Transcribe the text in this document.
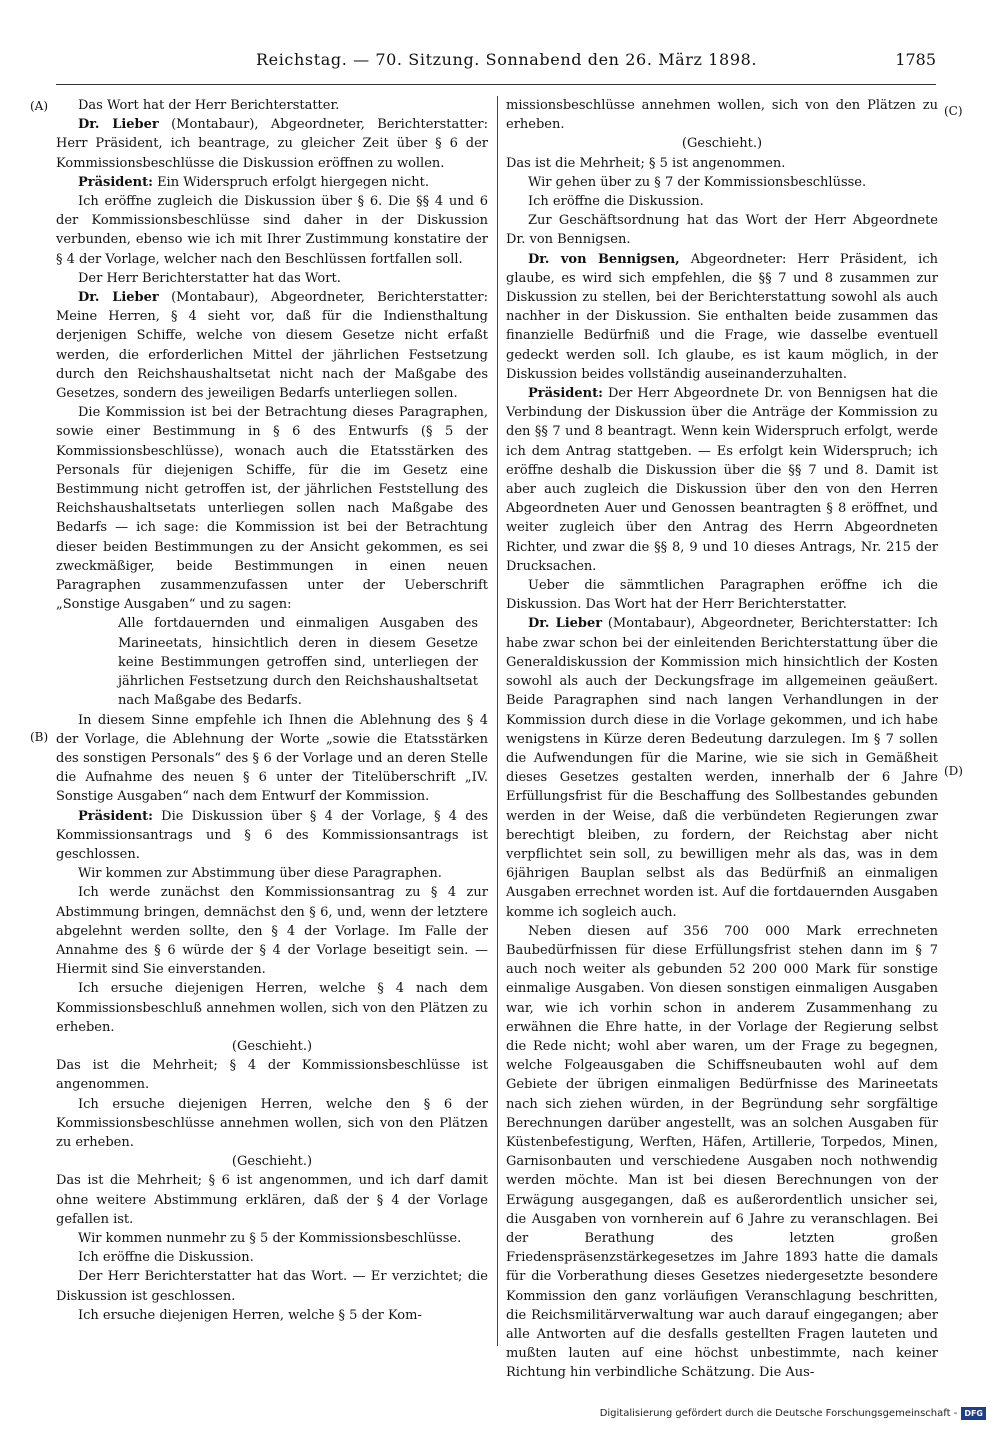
Reichstag. — 70. Sitzung. Sonnabend den 26. März 1898.	1785
(A)
(B)
(C)
(D)

Das Wort hat der Herr Berichterstatter.

Dr. Lieber (Montabaur), Abgeordneter, Berichterstatter: Herr Präsident, ich beantrage, zu gleicher Zeit über § 6 der Kommissionsbeschlüsse die Diskussion eröffnen zu wollen.

Präsident: Ein Widerspruch erfolgt hiergegen nicht.

Ich eröffne zugleich die Diskussion über § 6. Die §§ 4 und 6 der Kommissionsbeschlüsse sind daher in der Diskussion verbunden, ebenso wie ich mit Ihrer Zustimmung konstatire der § 4 der Vorlage, welcher nach den Beschlüssen fortfallen soll.

Der Herr Berichterstatter hat das Wort.

Dr. Lieber (Montabaur), Abgeordneter, Berichterstatter: Meine Herren, § 4 sieht vor, daß für die Indiensthaltung derjenigen Schiffe, welche von diesem Gesetze nicht erfaßt werden, die erforderlichen Mittel der jährlichen Festsetzung durch den Reichshaushaltsetat nicht nach der Maßgabe des Gesetzes, sondern des jeweiligen Bedarfs unterliegen sollen.

Die Kommission ist bei der Betrachtung dieses Paragraphen, sowie einer Bestimmung in § 6 des Entwurfs (§ 5 der Kommissionsbeschlüsse), wonach auch die Etatsstärken des Personals für diejenigen Schiffe, für die im Gesetz eine Bestimmung nicht getroffen ist, der jährlichen Feststellung des Reichshaushaltsetats unterliegen sollen nach Maßgabe des Bedarfs — ich sage: die Kommission ist bei der Betrachtung dieser beiden Bestimmungen zu der Ansicht gekommen, es sei zweckmäßiger, beide Bestimmungen in einen neuen Paragraphen zusammenzufassen unter der Ueberschrift „Sonstige Ausgaben“ und zu sagen:

Alle fortdauernden und einmaligen Ausgaben des Marineetats, hinsichtlich deren in diesem Gesetze keine Bestimmungen getroffen sind, unterliegen der jährlichen Festsetzung durch den Reichshaushaltsetat nach Maßgabe des Bedarfs.

In diesem Sinne empfehle ich Ihnen die Ablehnung des § 4 der Vorlage, die Ablehnung der Worte „sowie die Etatsstärken des sonstigen Personals“ des § 6 der Vorlage und an deren Stelle die Aufnahme des neuen § 6 unter der Titelüberschrift „IV. Sonstige Ausgaben“ nach dem Entwurf der Kommission.

Präsident: Die Diskussion über § 4 der Vorlage, § 4 des Kommissionsantrags und § 6 des Kommissionsantrags ist geschlossen.

Wir kommen zur Abstimmung über diese Paragraphen.

Ich werde zunächst den Kommissionsantrag zu § 4 zur Abstimmung bringen, demnächst den § 6, und, wenn der letztere abgelehnt werden sollte, den § 4 der Vorlage. Im Falle der Annahme des § 6 würde der § 4 der Vorlage beseitigt sein. — Hiermit sind Sie einverstanden.

Ich ersuche diejenigen Herren, welche § 4 nach dem Kommissionsbeschluß annehmen wollen, sich von den Plätzen zu erheben.

(Geschieht.)

Das ist die Mehrheit; § 4 der Kommissionsbeschlüsse ist angenommen.

Ich ersuche diejenigen Herren, welche den § 6 der Kommissionsbeschlüsse annehmen wollen, sich von den Plätzen zu erheben.

(Geschieht.)

Das ist die Mehrheit; § 6 ist angenommen, und ich darf damit ohne weitere Abstimmung erklären, daß der § 4 der Vorlage gefallen ist.

Wir kommen nunmehr zu § 5 der Kommissionsbeschlüsse.

Ich eröffne die Diskussion.

Der Herr Berichterstatter hat das Wort. — Er verzichtet; die Diskussion ist geschlossen.

Ich ersuche diejenigen Herren, welche § 5 der Kom-

missionsbeschlüsse annehmen wollen, sich von den Plätzen zu erheben.

(Geschieht.)

Das ist die Mehrheit; § 5 ist angenommen.

Wir gehen über zu § 7 der Kommissionsbeschlüsse.

Ich eröffne die Diskussion.

Zur Geschäftsordnung hat das Wort der Herr Abgeordnete Dr. von Bennigsen.

Dr. von Bennigsen, Abgeordneter: Herr Präsident, ich glaube, es wird sich empfehlen, die §§ 7 und 8 zusammen zur Diskussion zu stellen, bei der Berichterstattung sowohl als auch nachher in der Diskussion. Sie enthalten beide zusammen das finanzielle Bedürfniß und die Frage, wie dasselbe eventuell gedeckt werden soll. Ich glaube, es ist kaum möglich, in der Diskussion beides vollständig auseinanderzuhalten.

Präsident: Der Herr Abgeordnete Dr. von Bennigsen hat die Verbindung der Diskussion über die Anträge der Kommission zu den §§ 7 und 8 beantragt. Wenn kein Widerspruch erfolgt, werde ich dem Antrag stattgeben. — Es erfolgt kein Widerspruch; ich eröffne deshalb die Diskussion über die §§ 7 und 8. Damit ist aber auch zugleich die Diskussion über den von den Herren Abgeordneten Auer und Genossen beantragten § 8 eröffnet, und weiter zugleich über den Antrag des Herrn Abgeordneten Richter, und zwar die §§ 8, 9 und 10 dieses Antrags, Nr. 215 der Drucksachen.

Ueber die sämmtlichen Paragraphen eröffne ich die Diskussion. Das Wort hat der Herr Berichterstatter.

Dr. Lieber (Montabaur), Abgeordneter, Berichterstatter: Ich habe zwar schon bei der einleitenden Berichterstattung über die Generaldiskussion der Kommission mich hinsichtlich der Kosten sowohl als auch der Deckungsfrage im allgemeinen geäußert. Beide Paragraphen sind nach langen Verhandlungen in der Kommission durch diese in die Vorlage gekommen, und ich habe wenigstens in Kürze deren Bedeutung darzulegen. Im § 7 sollen die Aufwendungen für die Marine, wie sie sich in Gemäßheit dieses Gesetzes gestalten werden, innerhalb der 6 Jahre Erfüllungsfrist für die Beschaffung des Sollbestandes gebunden werden in der Weise, daß die verbündeten Regierungen zwar berechtigt bleiben, zu fordern, der Reichstag aber nicht verpflichtet sein soll, zu bewilligen mehr als das, was in dem 6jährigen Bauplan selbst als das Bedürfniß an einmaligen Ausgaben errechnet worden ist. Auf die fortdauernden Ausgaben komme ich sogleich auch.

Neben diesen auf 356 700 000 Mark errechneten Baubedürfnissen für diese Erfüllungsfrist stehen dann im § 7 auch noch weiter als gebunden 52 200 000 Mark für sonstige einmalige Ausgaben. Von diesen sonstigen einmaligen Ausgaben war, wie ich vorhin schon in anderem Zusammenhang zu erwähnen die Ehre hatte, in der Vorlage der Regierung selbst die Rede nicht; wohl aber waren, um der Frage zu begegnen, welche Folgeausgaben die Schiffsneubauten wohl auf dem Gebiete der übrigen einmaligen Bedürfnisse des Marineetats nach sich ziehen würden, in der Begründung sehr sorgfältige Berechnungen darüber angestellt, was an solchen Ausgaben für Küstenbefestigung, Werften, Häfen, Artillerie, Torpedos, Minen, Garnisonbauten und verschiedene Ausgaben noch nothwendig werden möchte. Man ist bei diesen Berechnungen von der Erwägung ausgegangen, daß es außerordentlich unsicher sei, die Ausgaben von vornherein auf 6 Jahre zu veranschlagen. Bei der Berathung des letzten großen Friedenspräsenzstärkegesetzes im Jahre 1893 hatte die damals für die Vorberathung dieses Gesetzes niedergesetzte besondere Kommission den ganz vorläufigen Veranschlagung beschritten, die Reichsmilitärverwaltung war auch darauf eingegangen; aber alle Antworten auf die desfalls gestellten Fragen lauteten und mußten lauten auf eine höchst unbestimmte, nach keiner Richtung hin verbindliche Schätzung. Die Aus-

Digitalisierung gefördert durch die Deutsche Forschungsgemeinschaft - DFG
